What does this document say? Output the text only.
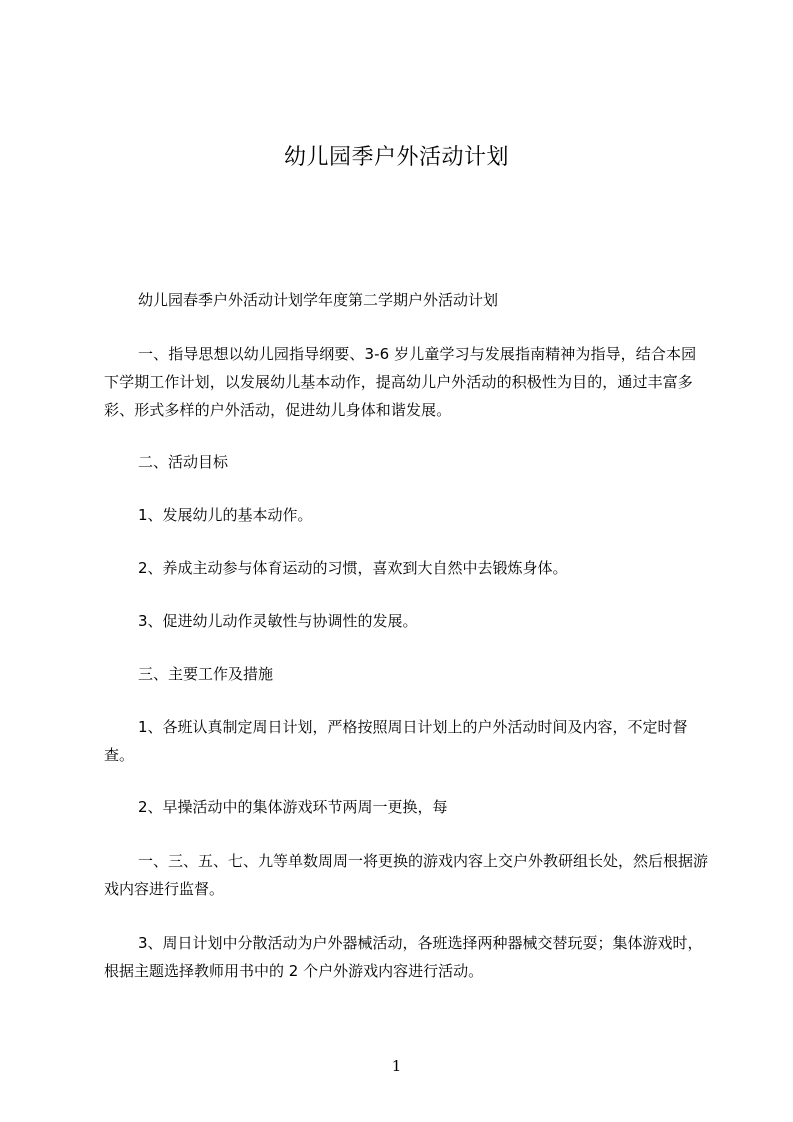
幼儿园季户外活动计划
幼儿园春季户外活动计划学年度第二学期户外活动计划
一、指导思想以幼儿园指导纲要、3-6 岁儿童学习与发展指南精神为指导，结合本园下学期工作计划，以发展幼儿基本动作，提高幼儿户外活动的积极性为目的，通过丰富多彩、形式多样的户外活动，促进幼儿身体和谐发展。
二、活动目标
1、发展幼儿的基本动作。
2、养成主动参与体育运动的习惯，喜欢到大自然中去锻炼身体。
3、促进幼儿动作灵敏性与协调性的发展。
三、主要工作及措施
1、各班认真制定周日计划，严格按照周日计划上的户外活动时间及内容，不定时督查。
2、早操活动中的集体游戏环节两周一更换，每
一、三、五、七、九等单数周周一将更换的游戏内容上交户外教研组长处，然后根据游戏内容进行监督。
3、周日计划中分散活动为户外器械活动，各班选择两种器械交替玩耍；集体游戏时，根据主题选择教师用书中的 2 个户外游戏内容进行活动。
1
